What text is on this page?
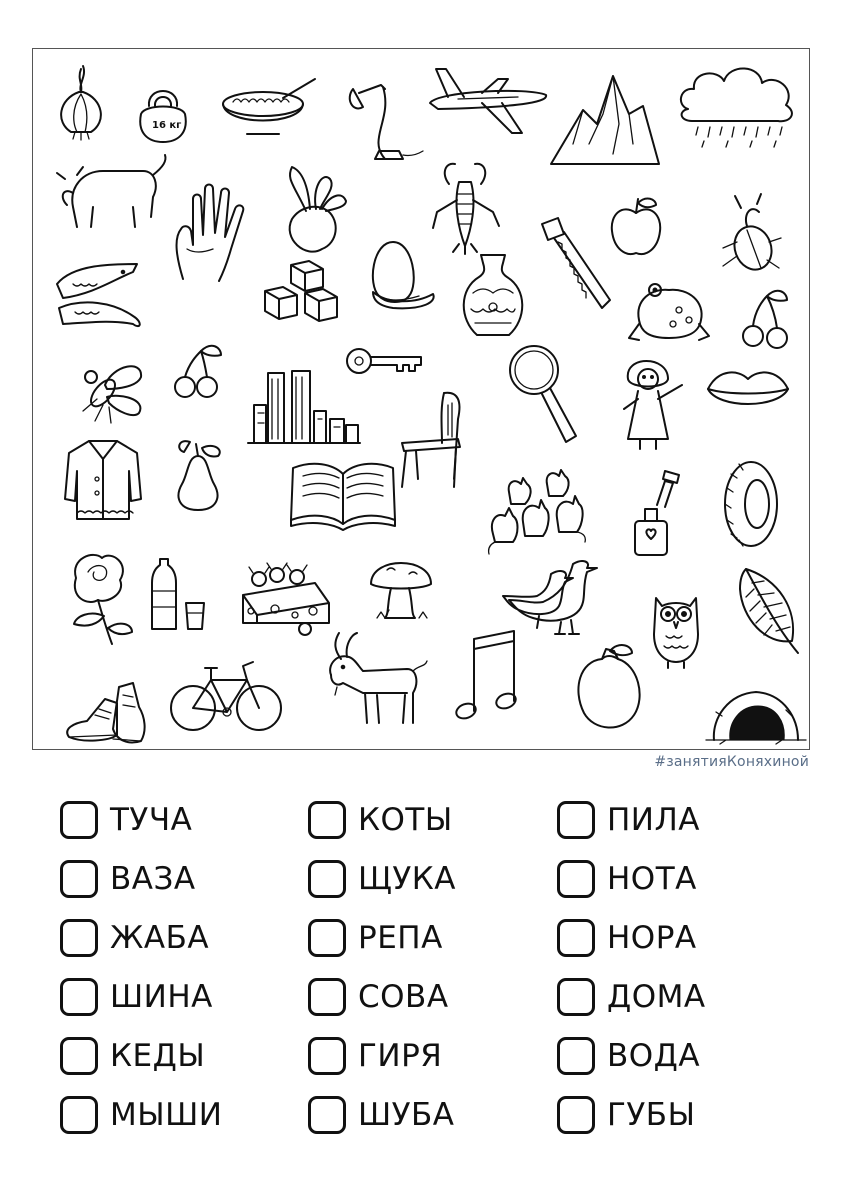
16 кг
#занятияКоняхиной
ТУЧА
ВАЗА
ЖАБА
ШИНА
КЕДЫ
МЫШИ
КОТЫ
ЩУКА
РЕПА
СОВА
ГИРЯ
ШУБА
ПИЛА
НОТА
НОРА
ДОМА
ВОДА
ГУБЫ
